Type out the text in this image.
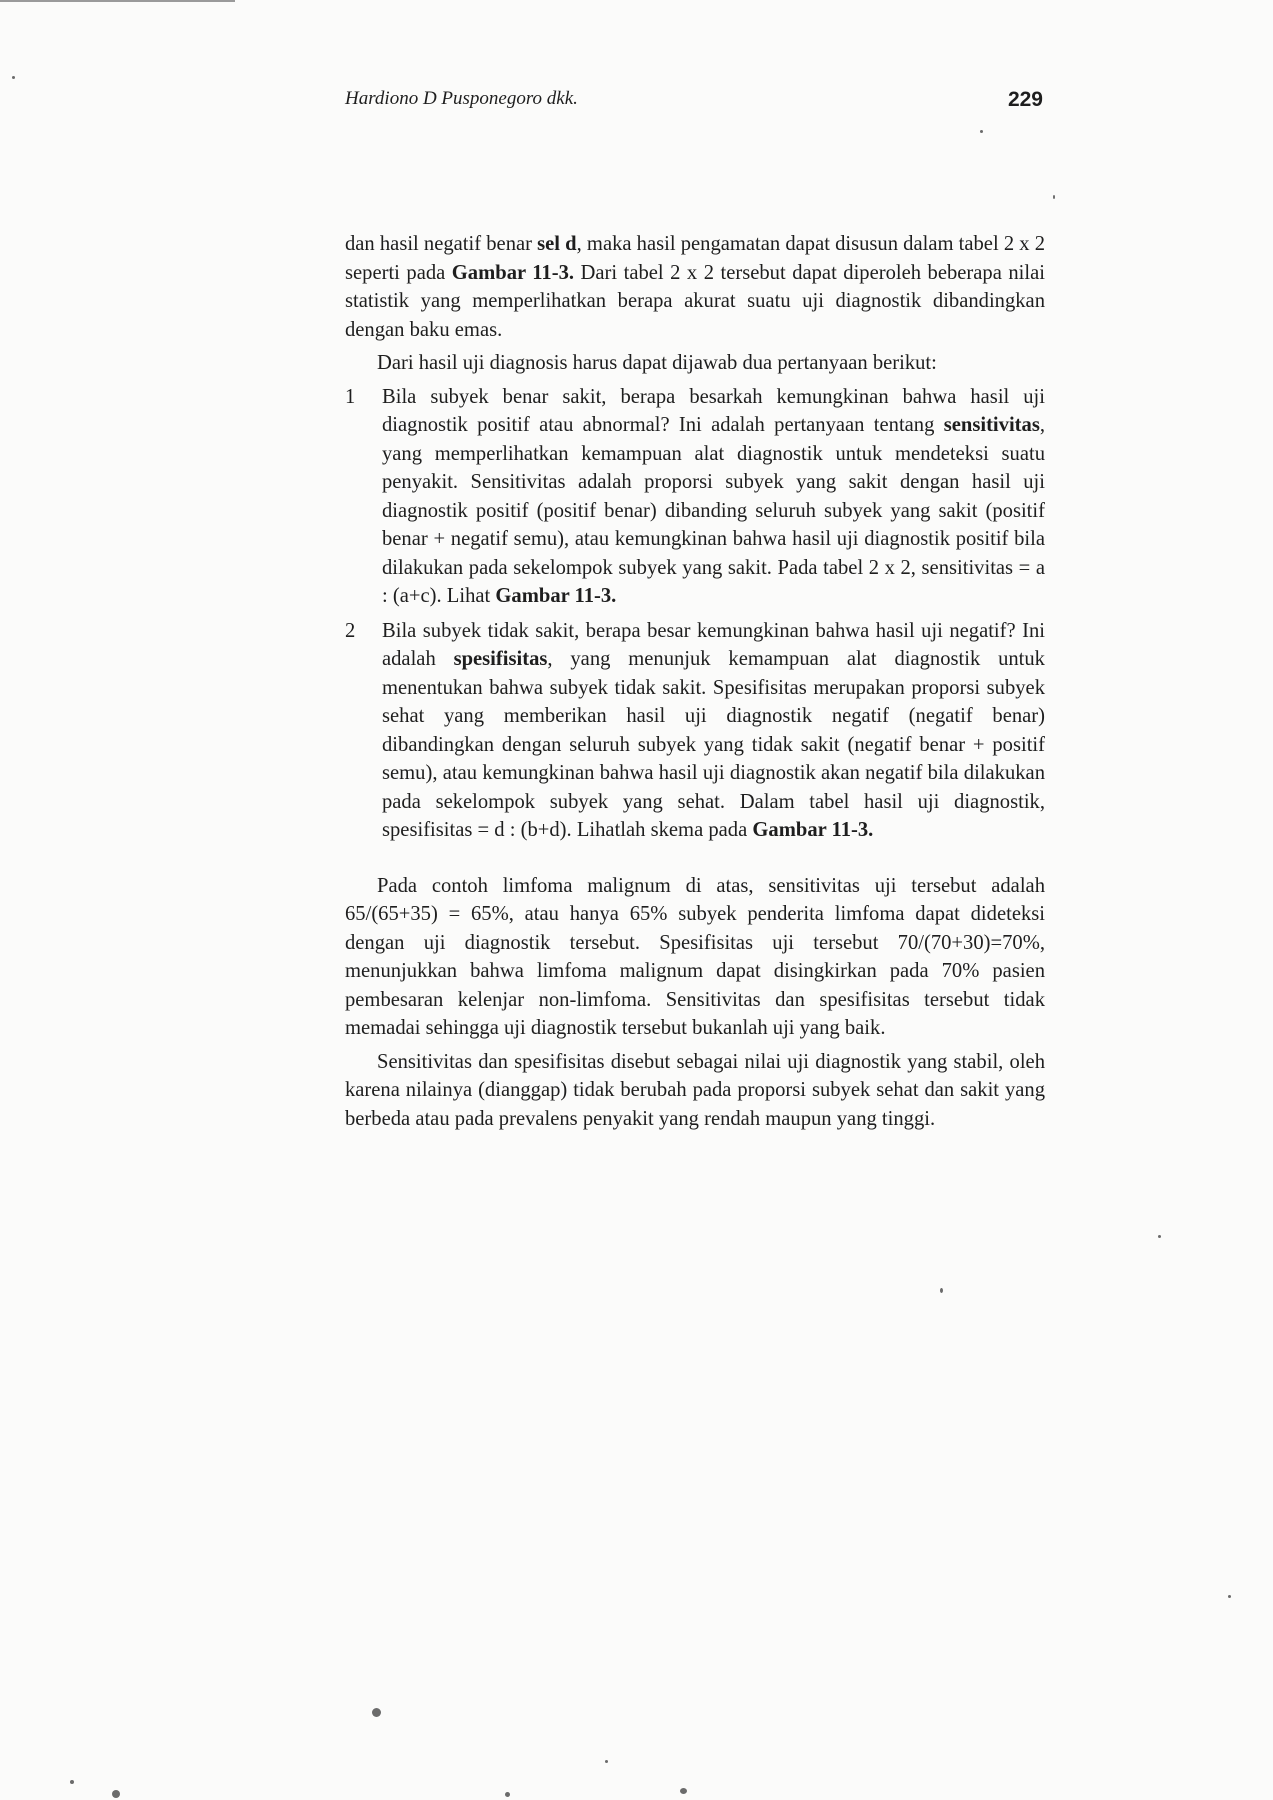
Hardiono D Pusponegoro dkk.	229

dan hasil negatif benar sel d, maka hasil pengamatan dapat disusun dalam tabel 2 x 2 seperti pada Gambar 11-3. Dari tabel 2 x 2 tersebut dapat diperoleh beberapa nilai statistik yang memperlihatkan berapa akurat suatu uji diagnostik dibandingkan dengan baku emas.

Dari hasil uji diagnosis harus dapat dijawab dua pertanyaan berikut:

1 Bila subyek benar sakit, berapa besarkah kemungkinan bahwa hasil uji diagnostik positif atau abnormal? Ini adalah pertanyaan tentang sensitivitas, yang memperlihatkan kemampuan alat diagnostik untuk mendeteksi suatu penyakit. Sensitivitas adalah proporsi subyek yang sakit dengan hasil uji diagnostik positif (positif benar) dibanding seluruh subyek yang sakit (positif benar + negatif semu), atau kemungkinan bahwa hasil uji diagnostik positif bila dilakukan pada sekelompok subyek yang sakit. Pada tabel 2 x 2, sensitivitas = a : (a+c). Lihat Gambar 11-3.
2 Bila subyek tidak sakit, berapa besar kemungkinan bahwa hasil uji negatif? Ini adalah spesifisitas, yang menunjuk kemampuan alat diagnostik untuk menentukan bahwa subyek tidak sakit. Spesifisitas merupakan proporsi subyek sehat yang memberikan hasil uji diagnostik negatif (negatif benar) dibandingkan dengan seluruh subyek yang tidak sakit (negatif benar + positif semu), atau kemungkinan bahwa hasil uji diagnostik akan negatif bila dilakukan pada sekelompok subyek yang sehat. Dalam tabel hasil uji diagnostik, spesifisitas = d : (b+d). Lihatlah skema pada Gambar 11-3.

Pada contoh limfoma malignum di atas, sensitivitas uji tersebut adalah 65/(65+35) = 65%, atau hanya 65% subyek penderita limfoma dapat dideteksi dengan uji diagnostik tersebut. Spesifisitas uji tersebut 70/(70+30)=70%, menunjukkan bahwa limfoma malignum dapat disingkirkan pada 70% pasien pembesaran kelenjar non-limfoma. Sensitivitas dan spesifisitas tersebut tidak memadai sehingga uji diagnostik tersebut bukanlah uji yang baik.

Sensitivitas dan spesifisitas disebut sebagai nilai uji diagnostik yang stabil, oleh karena nilainya (dianggap) tidak berubah pada proporsi subyek sehat dan sakit yang berbeda atau pada prevalens penyakit yang rendah maupun yang tinggi.
